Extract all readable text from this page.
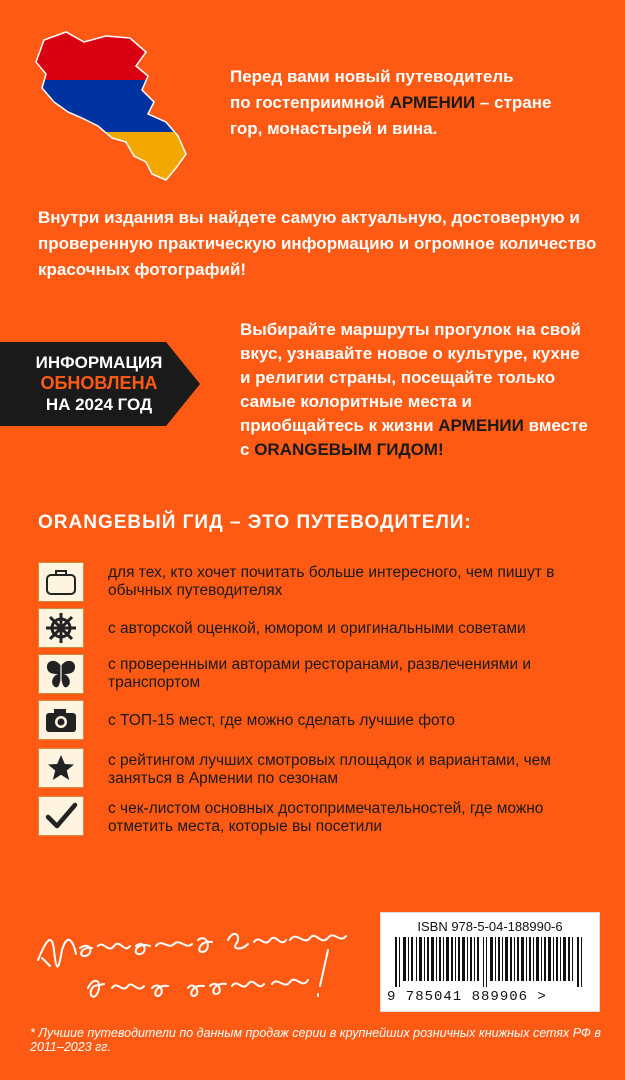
Перед вами новый путеводитель
по гостеприимной АРМЕНИИ – стране
гор, монастырей и вина.
Внутри издания вы найдете самую актуальную, достоверную и проверенную практическую информацию и огромное количество красочных фотографий!
ИНФОРМАЦИЯ
ОБНОВЛЕНА
НА 2024 ГОД
Выбирайте маршруты прогулок на свой вкус, узнавайте новое о культуре, кухне и религии страны, посещайте только самые колоритные места и приобщайтесь к жизни АРМЕНИИ вместе с ORANGEВЫМ ГИДОМ!
ORANGEВЫЙ ГИД – ЭТО ПУТЕВОДИТЕЛИ:
для тех, кто хочет почитать больше интересного, чем пишут в обычных путеводителях
с авторской оценкой, юмором и оригинальными советами
с проверенными авторами ресторанами, развлечениями и транспортом
с ТОП-15 мест, где можно сделать лучшие фото
с рейтингом лучших смотровых площадок и вариантами, чем заняться в Армении по сезонам
с чек-листом основных достопримечательностей, где можно отметить места, которые вы посетили
ISBN 978-5-04-188990-6
9 785041 889906 >
* Лучшие путеводители по данным продаж серии в крупнейших розничных книжных сетях РФ в 2011–2023 гг.
